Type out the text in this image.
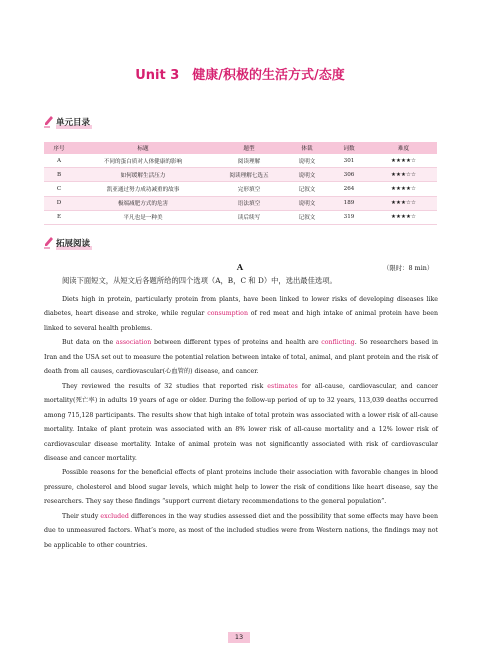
Unit 3　健康/积极的生活方式/态度
单元目录
序号	标题	题型	体裁	词数	难度
A	不同的蛋白质对人体健康的影响	阅读理解	说明文	301	★★★★☆
B	如何缓解生活压力	阅读理解七选五	说明文	306	★★★☆☆
C	凯亚通过努力成功减重的故事	完形填空	记叙文	264	★★★★☆
D	极端减肥方式的危害	语法填空	说明文	189	★★★☆☆
E	平凡也是一种美	读后续写	记叙文	319	★★★★☆
拓展阅读
A	（限时：8 min）
阅读下面短文，从短文后各题所给的四个选项（A，B，C 和 D）中，选出最佳选项。

Diets high in protein, particularly protein from plants, have been linked to lower risks of developing diseases like diabetes, heart disease and stroke, while regular consumption of red meat and high intake of animal protein have been linked to several health problems.

But data on the association between different types of proteins and health are conflicting. So researchers based in Iran and the USA set out to measure the potential relation between intake of total, animal, and plant protein and the risk of death from all causes, cardiovascular(心血管的) disease, and cancer.

They reviewed the results of 32 studies that reported risk estimates for all-cause, cardiovascular, and cancer mortality(死亡率) in adults 19 years of age or older. During the follow-up period of up to 32 years, 113,039 deaths occurred among 715,128 participants. The results show that high intake of total protein was associated with a lower risk of all-cause mortality. Intake of plant protein was associated with an 8% lower risk of all-cause mortality and a 12% lower risk of cardiovascular disease mortality. Intake of animal protein was not significantly associated with risk of cardiovascular disease and cancer mortality.

Possible reasons for the beneficial effects of plant proteins include their association with favorable changes in blood pressure, cholesterol and blood sugar levels, which might help to lower the risk of conditions like heart disease, say the researchers. They say these findings “support current dietary recommendations to the general population”.

Their study excluded differences in the way studies assessed diet and the possibility that some effects may have been due to unmeasured factors. What’s more, as most of the included studies were from Western nations, the findings may not be applicable to other countries.

13
